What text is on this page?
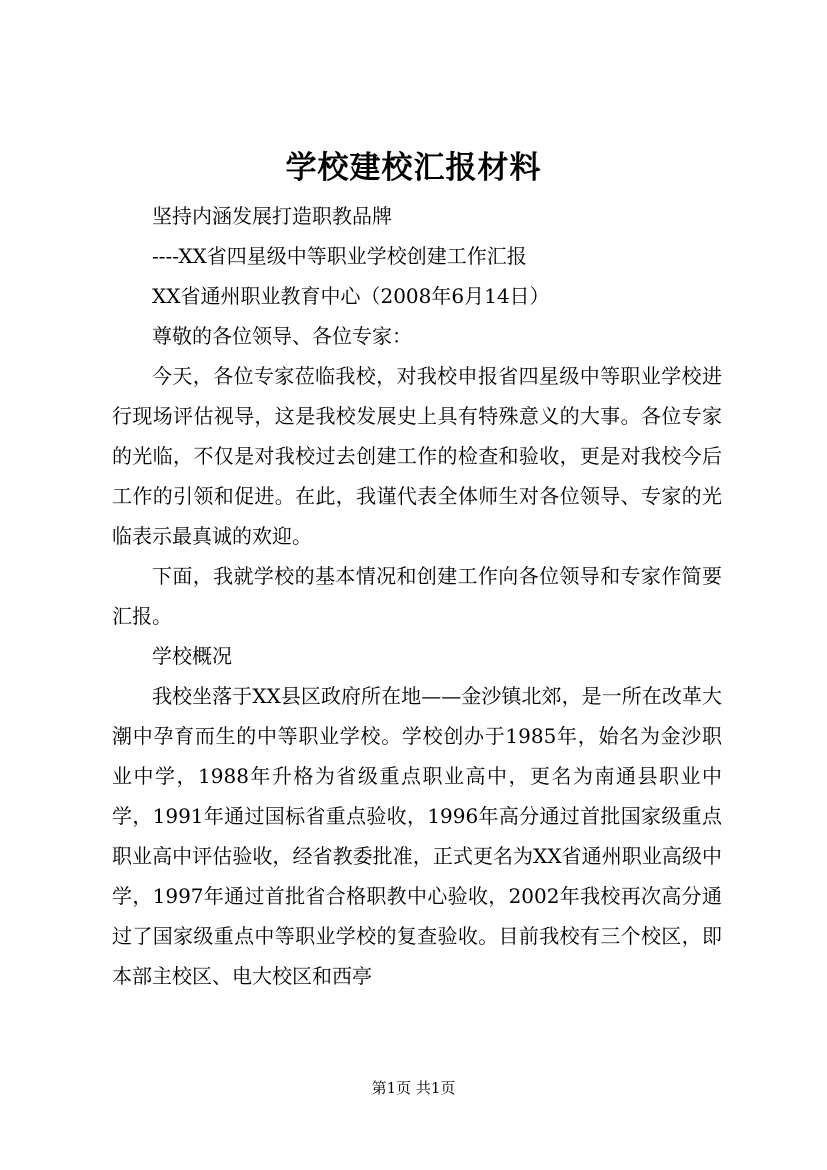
学校建校汇报材料

坚持内涵发展打造职教品牌

----XX省四星级中等职业学校创建工作汇报

XX省通州职业教育中心（2008年6月14日）

尊敬的各位领导、各位专家：

今天，各位专家莅临我校，对我校申报省四星级中等职业学校进行现场评估视导，这是我校发展史上具有特殊意义的大事。各位专家的光临，不仅是对我校过去创建工作的检查和验收，更是对我校今后工作的引领和促进。在此，我谨代表全体师生对各位领导、专家的光临表示最真诚的欢迎。

下面，我就学校的基本情况和创建工作向各位领导和专家作简要汇报。

学校概况

我校坐落于XX县区政府所在地——金沙镇北郊，是一所在改革大潮中孕育而生的中等职业学校。学校创办于1985年，始名为金沙职业中学，1988年升格为省级重点职业高中，更名为南通县职业中学，1991年通过国标省重点验收，1996年高分通过首批国家级重点职业高中评估验收，经省教委批准，正式更名为XX省通州职业高级中学，1997年通过首批省合格职教中心验收，2002年我校再次高分通过了国家级重点中等职业学校的复查验收。目前我校有三个校区，即本部主校区、电大校区和西亭

第1页 共1页
